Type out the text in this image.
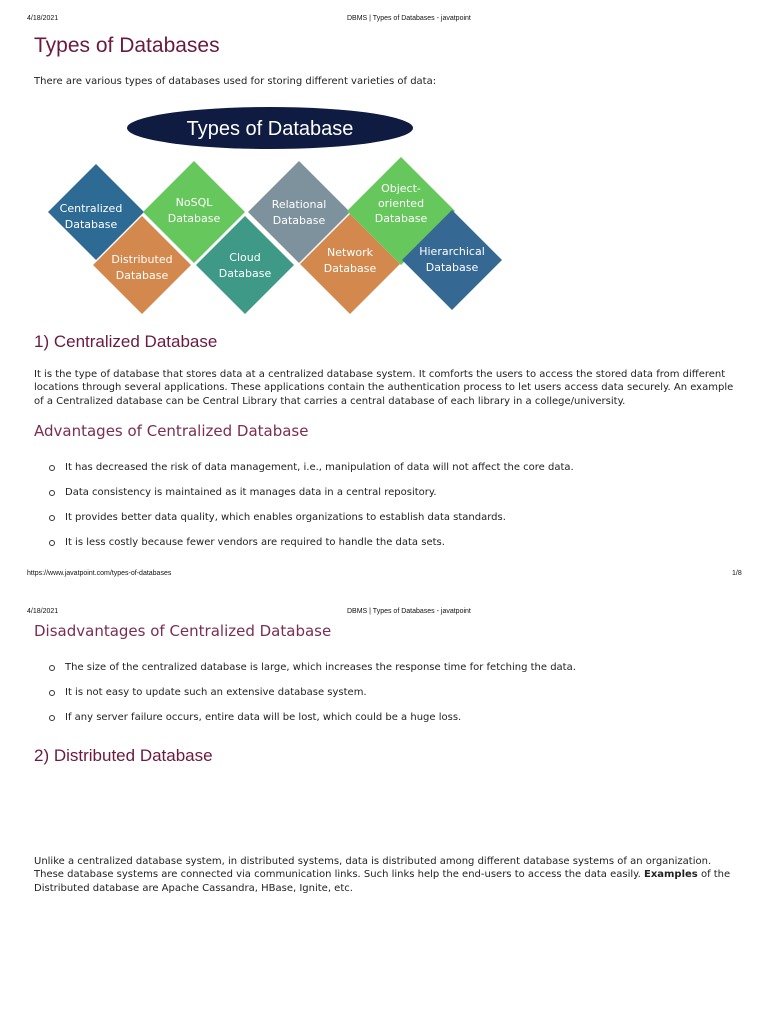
4/18/2021	DBMS | Types of Databases - javatpoint
Types of Databases

There are various types of databases used for storing different varieties of data:

Types of Database
Centralized
Database
NoSQL
Database
Relational
Database
Object-
oriented
Database
Distributed
Database
Cloud
Database
Network
Database
Hierarchical
Database
1) Centralized Database

It is the type of database that stores data at a centralized database system. It comforts the users to access the stored data from different locations through several applications. These applications contain the authentication process to let users access data securely. An example of a Centralized database can be Central Library that carries a central database of each library in a college/university.

Advantages of Centralized Database
It has decreased the risk of data management, i.e., manipulation of data will not affect the core data.
Data consistency is maintained as it manages data in a central repository.
It provides better data quality, which enables organizations to establish data standards.
It is less costly because fewer vendors are required to handle the data sets.
https://www.javatpoint.com/types-of-databases	1/8
4/18/2021	DBMS | Types of Databases - javatpoint
Disadvantages of Centralized Database
The size of the centralized database is large, which increases the response time for fetching the data.
It is not easy to update such an extensive database system.
If any server failure occurs, entire data will be lost, which could be a huge loss.
2) Distributed Database

Unlike a centralized database system, in distributed systems, data is distributed among different database systems of an organization. These database systems are connected via communication links. Such links help the end-users to access the data easily. Examples of the Distributed database are Apache Cassandra, HBase, Ignite, etc.
